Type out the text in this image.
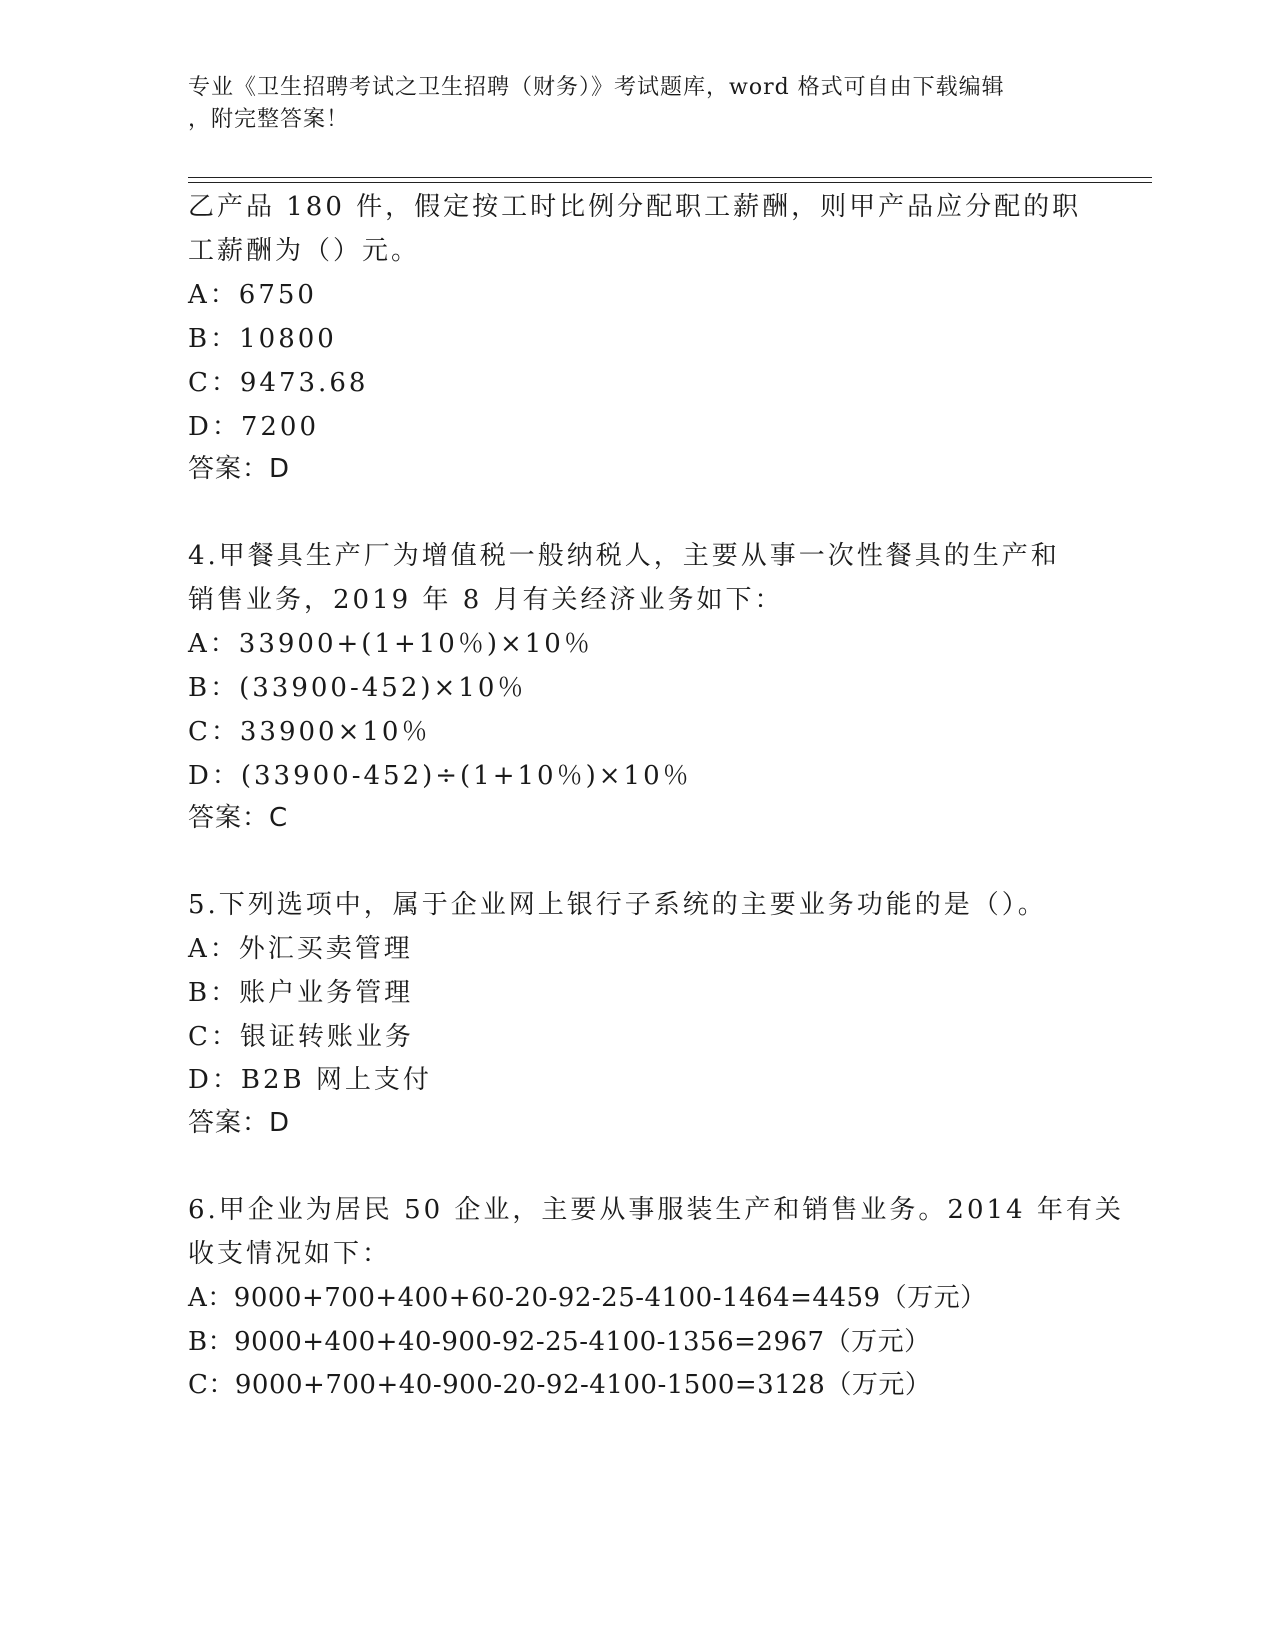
专业《卫生招聘考试之卫生招聘（财务）》考试题库，word 格式可自由下载编辑
，附完整答案！
乙产品 180 件，假定按工时比例分配职工薪酬，则甲产品应分配的职
工薪酬为（）元。
A：6750
B：10800
C：9473.68
D：7200
答案：D
4.甲餐具生产厂为增值税一般纳税人，主要从事一次性餐具的生产和
销售业务，2019 年 8 月有关经济业务如下：
A：33900+(1+10％)×10％
B：(33900-452)×10％
C：33900×10％
D：(33900-452)÷(1+10％)×10％
答案：C
5.下列选项中，属于企业网上银行子系统的主要业务功能的是（）。
A：外汇买卖管理
B：账户业务管理
C：银证转账业务
D：B2B 网上支付
答案：D
6.甲企业为居民 50 企业，主要从事服装生产和销售业务。2014 年有关
收支情况如下：
A：9000+700+400+60-20-92-25-4100-1464=4459（万元）
B：9000+400+40-900-92-25-4100-1356=2967（万元）
C：9000+700+40-900-20-92-4100-1500=3128（万元）
